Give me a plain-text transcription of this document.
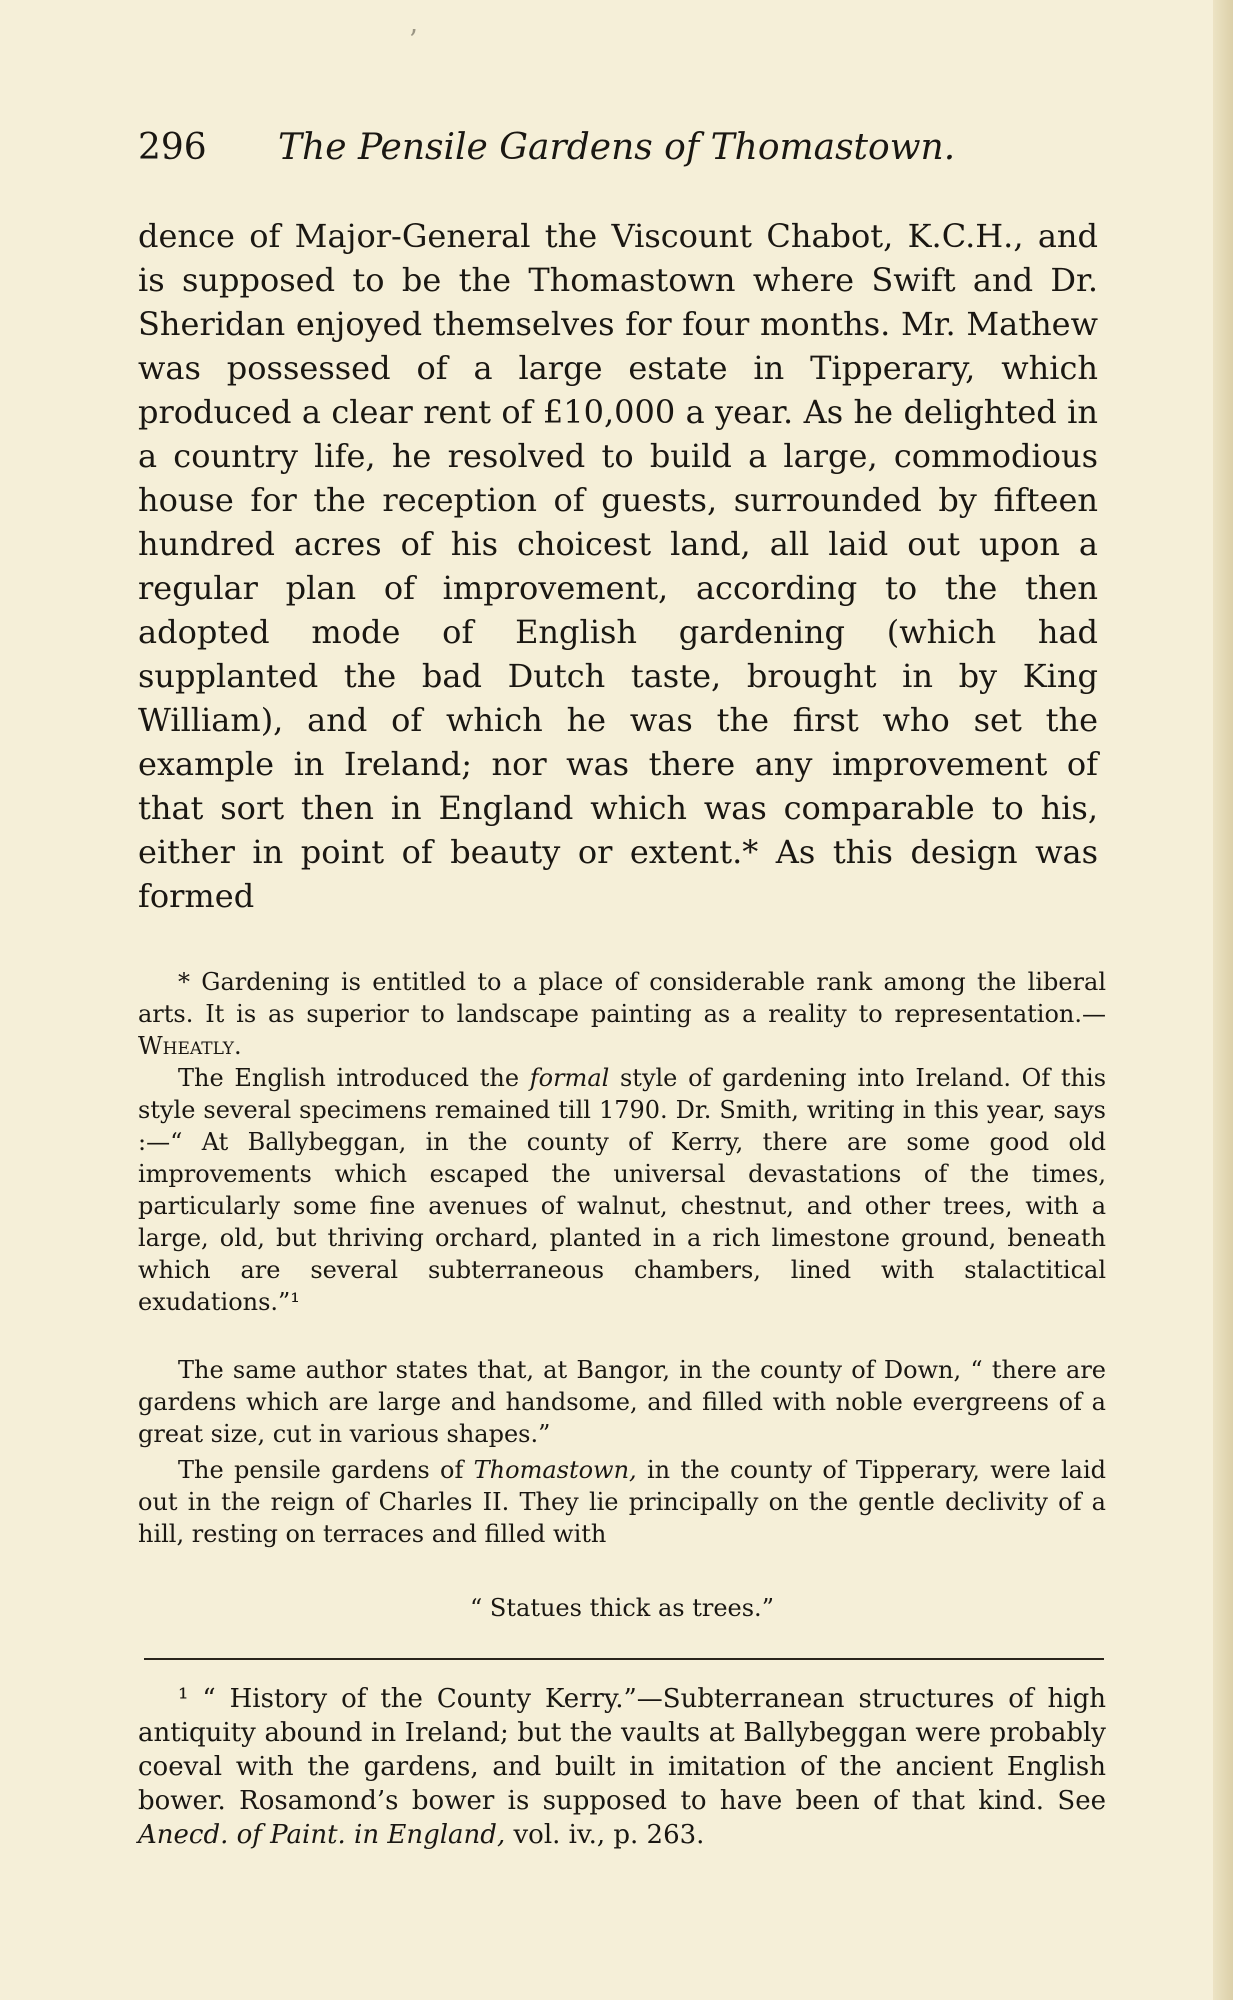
ʼ
296 The Pensile Gardens of Thomastown.

dence of Major-General the Viscount Chabot, K.C.H., and is supposed to be the Thomastown where Swift and Dr. Sheridan enjoyed themselves for four months. Mr. Mathew was possessed of a large estate in Tipperary, which produced a clear rent of £10,000 a year. As he delighted in a country life, he resolved to build a large, commodious house for the reception of guests, surrounded by fifteen hundred acres of his choicest land, all laid out upon a regular plan of improvement, according to the then adopted mode of English gardening (which had supplanted the bad Dutch taste, brought in by King William), and of which he was the first who set the example in Ireland; nor was there any improvement of that sort then in England which was comparable to his, either in point of beauty or extent.* As this design was formed

* Gardening is entitled to a place of considerable rank among the liberal arts. It is as superior to landscape painting as a reality to representation.—Wheatly.

The English introduced the formal style of gardening into Ireland. Of this style several specimens remained till 1790. Dr. Smith, writing in this year, says :—“ At Ballybeggan, in the county of Kerry, there are some good old improvements which escaped the universal devastations of the times, particularly some fine avenues of walnut, chestnut, and other trees, with a large, old, but thriving orchard, planted in a rich limestone ground, beneath which are several subterraneous chambers, lined with stalactitical exudations.”¹

The same author states that, at Bangor, in the county of Down, “ there are gardens which are large and handsome, and filled with noble evergreens of a great size, cut in various shapes.”

The pensile gardens of Thomastown, in the county of Tipperary, were laid out in the reign of Charles II. They lie principally on the gentle declivity of a hill, resting on terraces and filled with

“ Statues thick as trees.”

¹ “ History of the County Kerry.”—Subterranean structures of high antiquity abound in Ireland; but the vaults at Ballybeggan were probably coeval with the gardens, and built in imitation of the ancient English bower. Rosamond’s bower is supposed to have been of that kind. See Anecd. of Paint. in England, vol. iv., p. 263.
